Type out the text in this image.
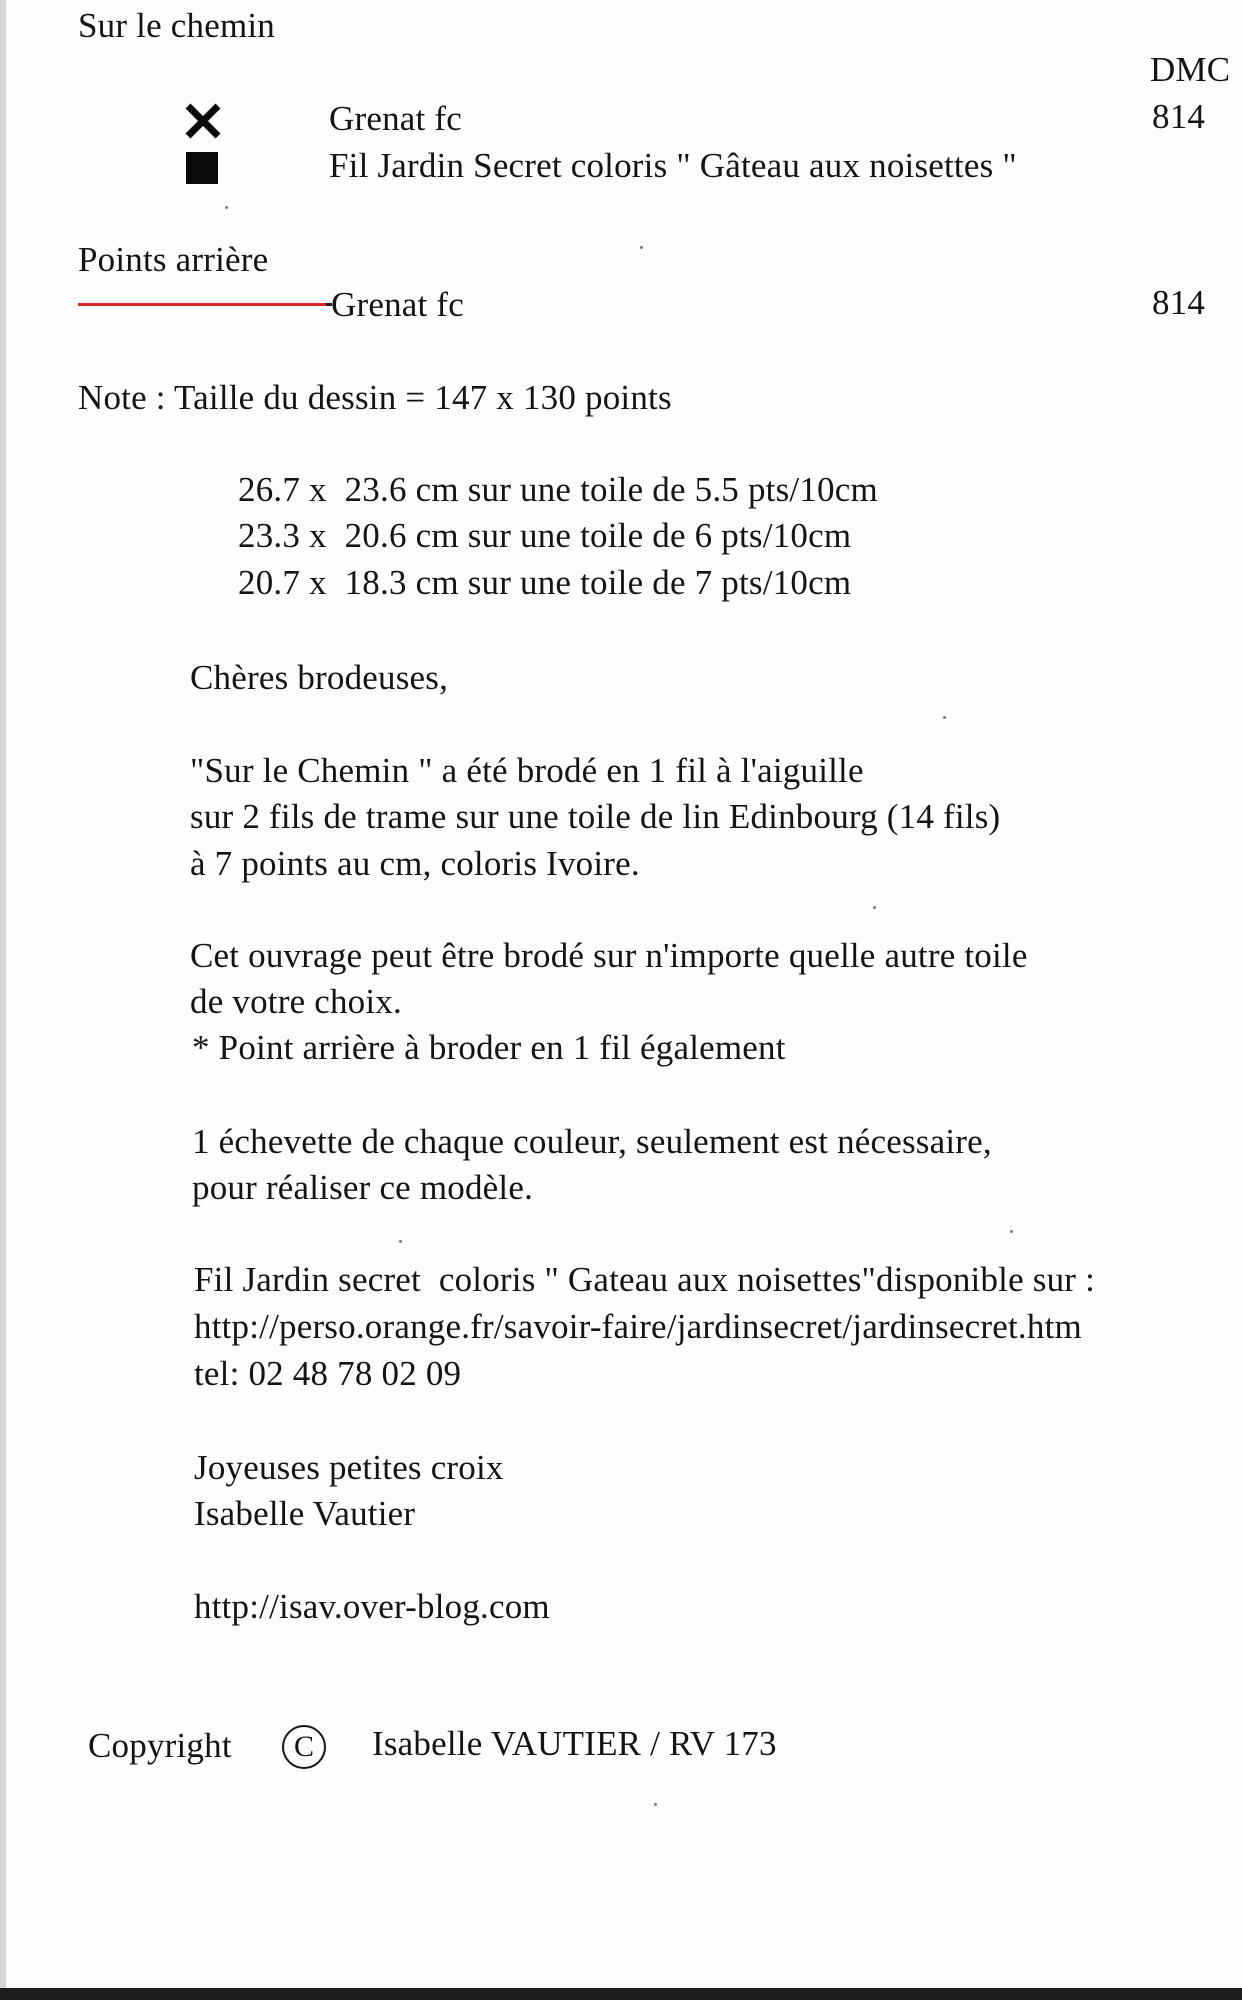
Sur le chemin
DMC
Grenat fc	814
Fil Jardin Secret coloris " Gâteau aux noisettes "
Points arrière
Grenat fc	814
Note : Taille du dessin = 147 x 130 points
26.7 x  23.6 cm sur une toile de 5.5 pts/10cm
23.3 x  20.6 cm sur une toile de 6 pts/10cm
20.7 x  18.3 cm sur une toile de 7 pts/10cm
Chères brodeuses,
"Sur le Chemin " a été brodé en 1 fil à l'aiguille
sur 2 fils de trame sur une toile de lin Edinbourg (14 fils)
à 7 points au cm, coloris Ivoire.
Cet ouvrage peut être brodé sur n'importe quelle autre toile
de votre choix.
* Point arrière à broder en 1 fil également
1 échevette de chaque couleur, seulement est nécessaire,
pour réaliser ce modèle.
Fil Jardin secret  coloris " Gateau aux noisettes"disponible sur :
http://perso.orange.fr/savoir-faire/jardinsecret/jardinsecret.htm
tel: 02 48 78 02 09
Joyeuses petites croix
Isabelle Vautier
http://isav.over-blog.com
Copyright	C	Isabelle VAUTIER / RV 173
